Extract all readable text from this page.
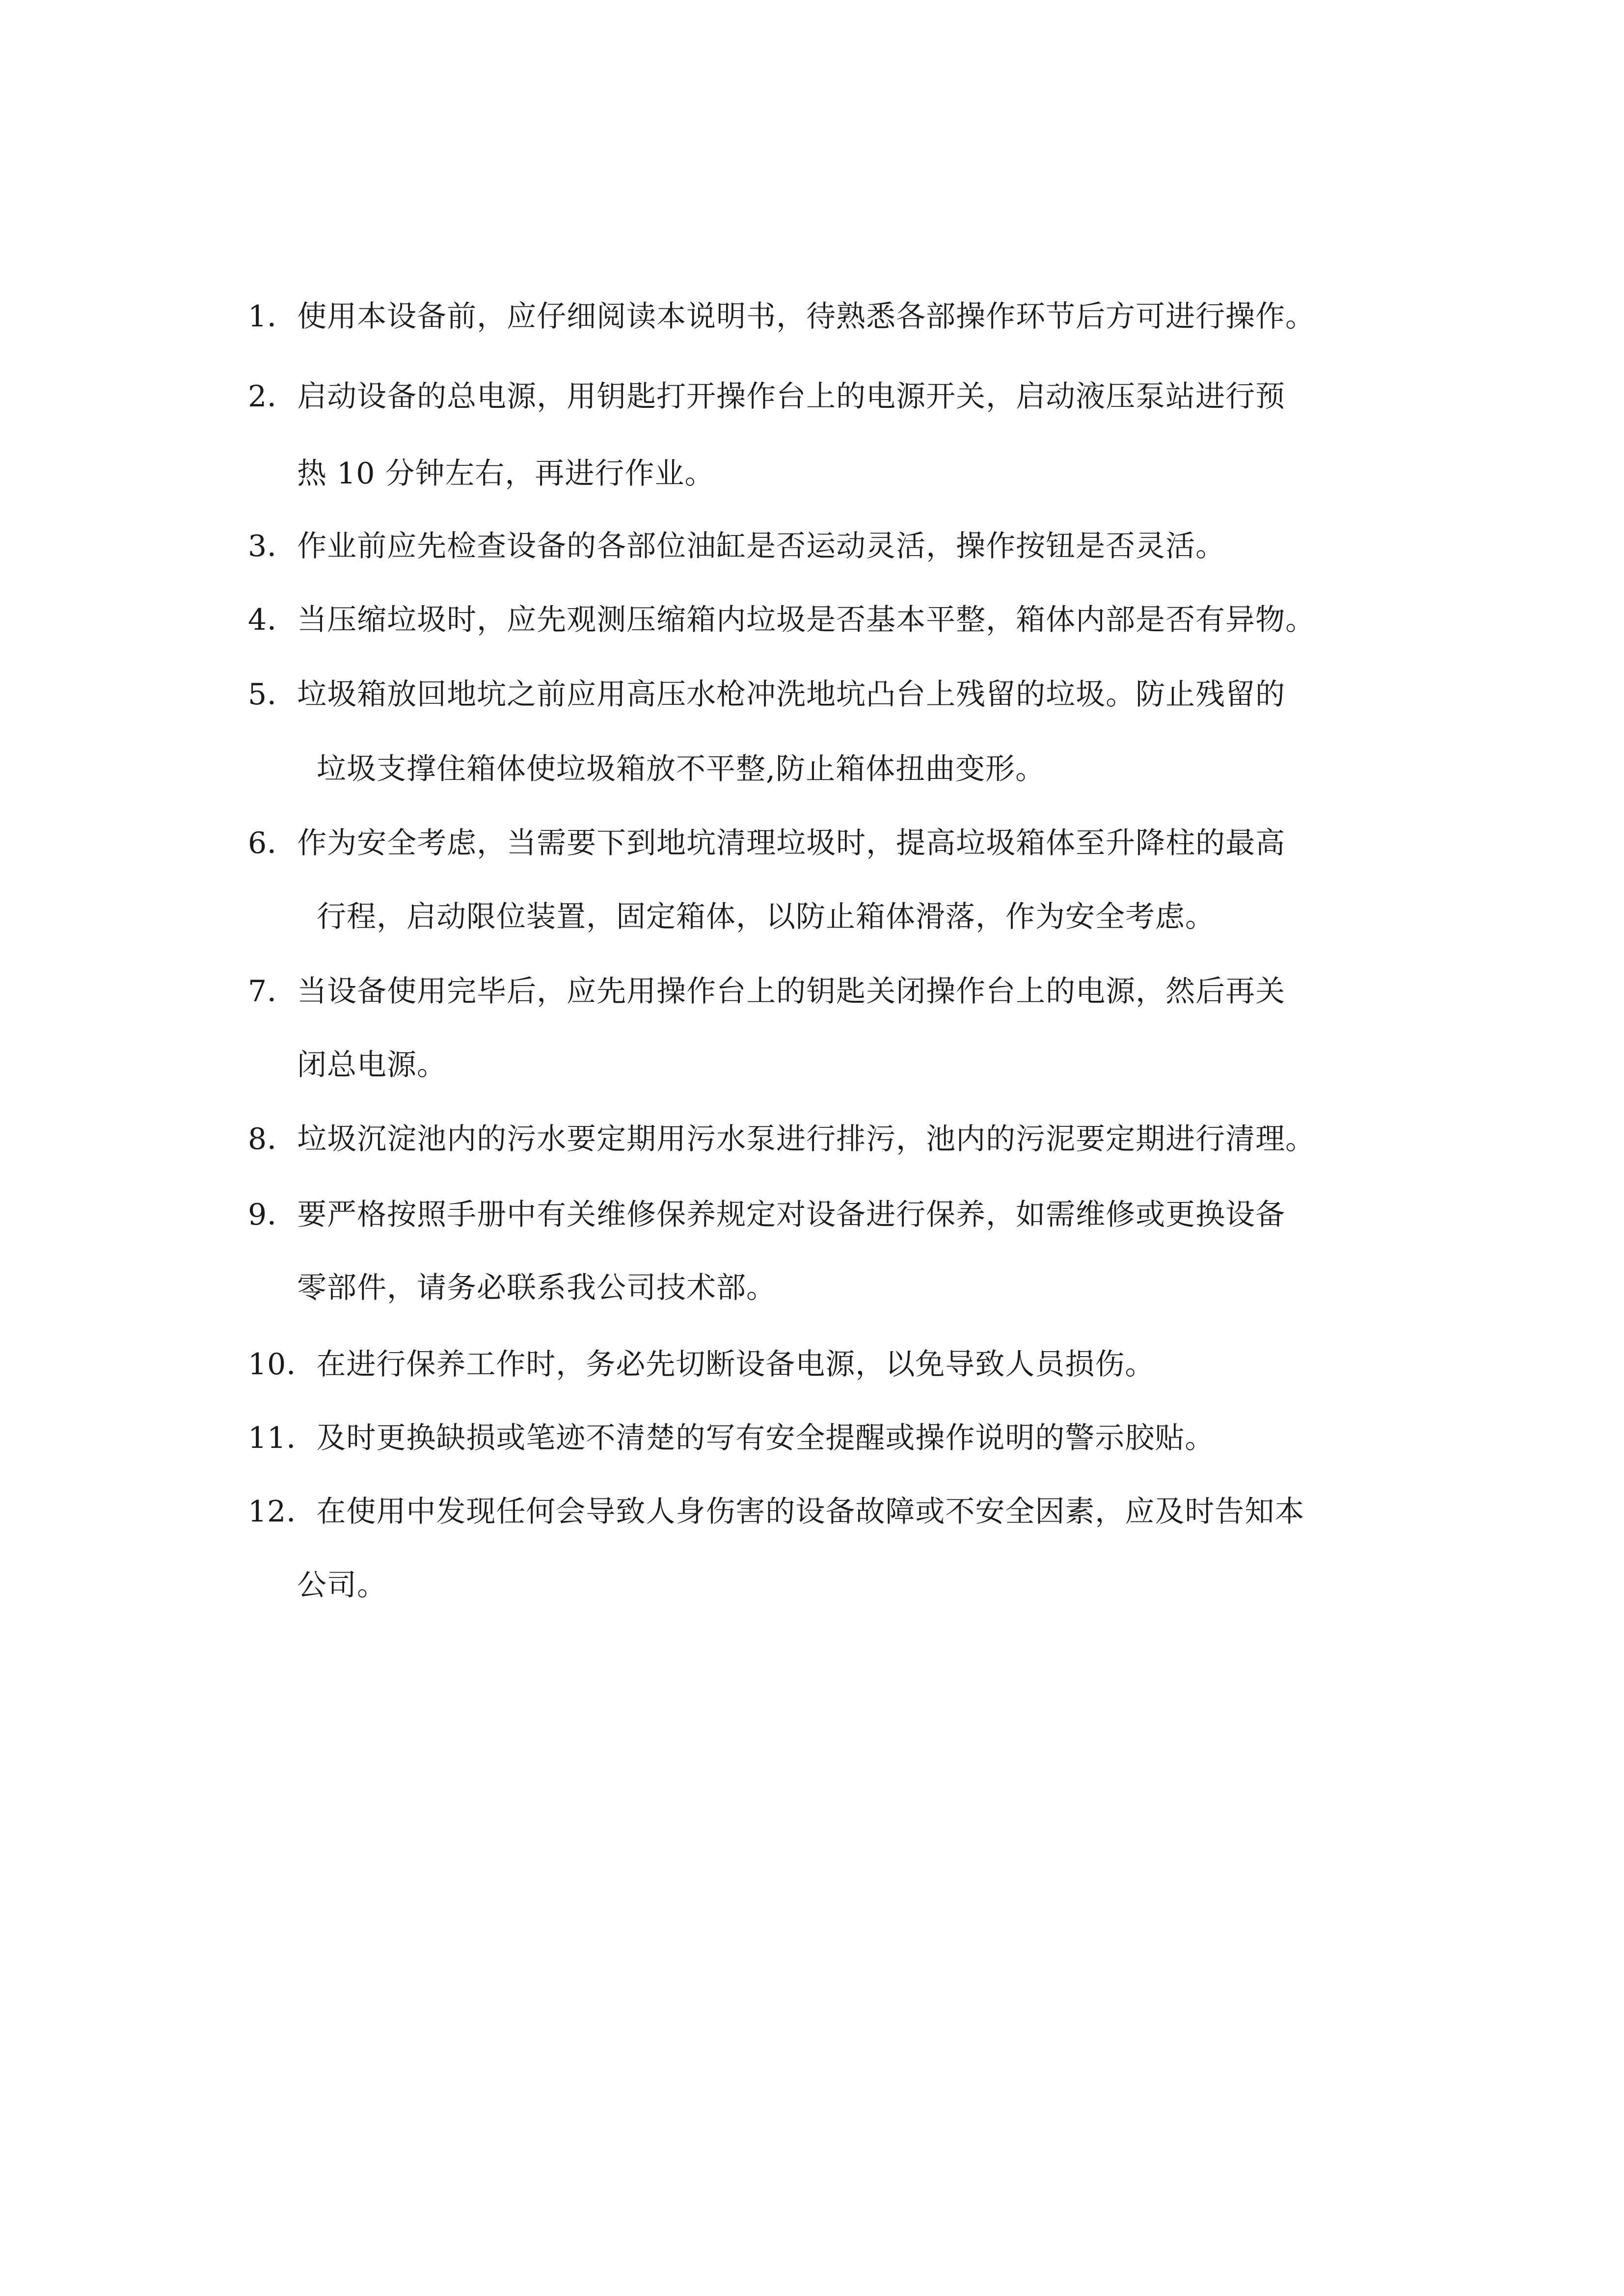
1．使用本设备前，应仔细阅读本说明书，待熟悉各部操作环节后方可进行操作。
2．启动设备的总电源，用钥匙打开操作台上的电源开关，启动液压泵站进行预
热 10 分钟左右，再进行作业。
3．作业前应先检查设备的各部位油缸是否运动灵活，操作按钮是否灵活。
4．当压缩垃圾时，应先观测压缩箱内垃圾是否基本平整，箱体内部是否有异物。
5．垃圾箱放回地坑之前应用高压水枪冲洗地坑凸台上残留的垃圾。防止残留的
垃圾支撑住箱体使垃圾箱放不平整,防止箱体扭曲变形。
6．作为安全考虑，当需要下到地坑清理垃圾时，提高垃圾箱体至升降柱的最高
行程，启动限位装置，固定箱体，以防止箱体滑落，作为安全考虑。
7．当设备使用完毕后，应先用操作台上的钥匙关闭操作台上的电源，然后再关
闭总电源。
8．垃圾沉淀池内的污水要定期用污水泵进行排污，池内的污泥要定期进行清理。
9．要严格按照手册中有关维修保养规定对设备进行保养，如需维修或更换设备
零部件，请务必联系我公司技术部。
10．在进行保养工作时，务必先切断设备电源，以免导致人员损伤。
11．及时更换缺损或笔迹不清楚的写有安全提醒或操作说明的警示胶贴。
12．在使用中发现任何会导致人身伤害的设备故障或不安全因素，应及时告知本
公司。
